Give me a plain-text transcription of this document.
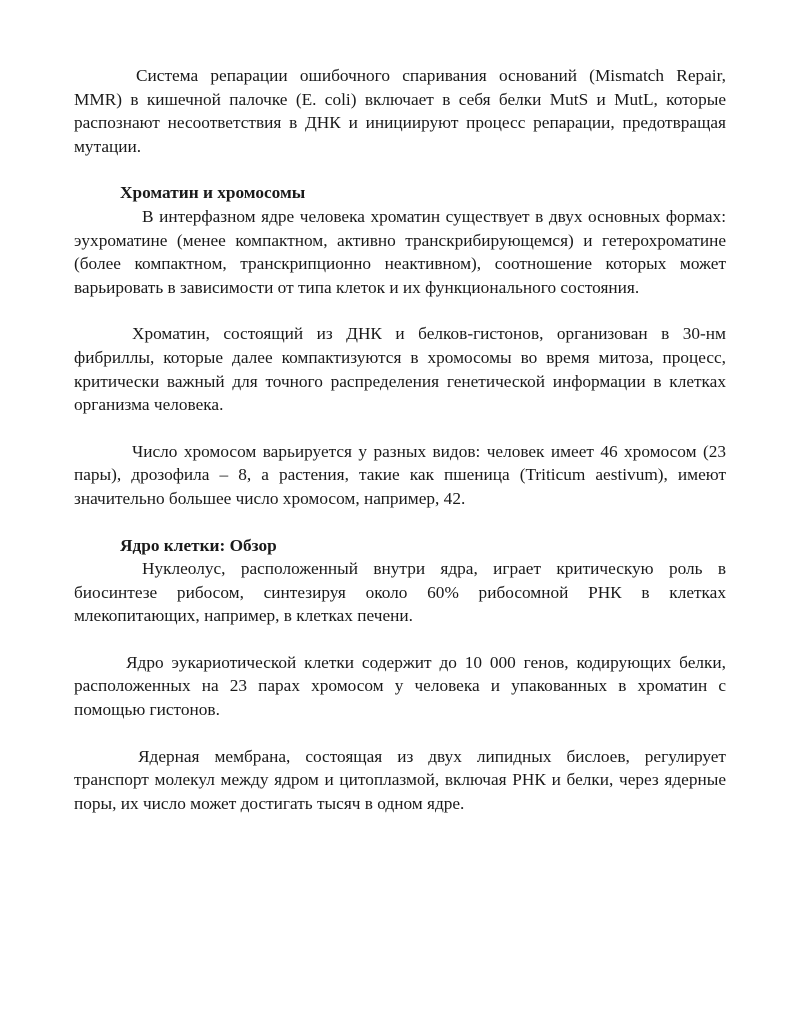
Система репарации ошибочного спаривания оснований (Mismatch Repair, MMR) в кишечной палочке (E. coli) включает в себя белки MutS и MutL, которые распознают несоответствия в ДНК и инициируют процесс репарации, предотвращая мутации.

Хроматин и хромосомы

В интерфазном ядре человека хроматин существует в двух основных формах: эухроматине (менее компактном, активно транскрибирующемся) и гетерохроматине (более компактном, транскрипционно неактивном), соотношение которых может варьировать в зависимости от типа клеток и их функционального состояния.

Хроматин, состоящий из ДНК и белков-гистонов, организован в 30-нм фибриллы, которые далее компактизуются в хромосомы во время митоза, процесс, критически важный для точного распределения генетической информации в клетках организма человека.

Число хромосом варьируется у разных видов: человек имеет 46 хромосом (23 пары), дрозофила – 8, а растения, такие как пшеница (Triticum aestivum), имеют значительно большее число хромосом, например, 42.

Ядро клетки: Обзор

Нуклеолус, расположенный внутри ядра, играет критическую роль в биосинтезе рибосом, синтезируя около 60% рибосомной РНК в клетках млекопитающих, например, в клетках печени.

Ядро эукариотической клетки содержит до 10 000 генов, кодирующих белки, расположенных на 23 парах хромосом у человека и упакованных в хроматин с помощью гистонов.

Ядерная мембрана, состоящая из двух липидных бислоев, регулирует транспорт молекул между ядром и цитоплазмой, включая РНК и белки, через ядерные поры, их число может достигать тысяч в одном ядре.
